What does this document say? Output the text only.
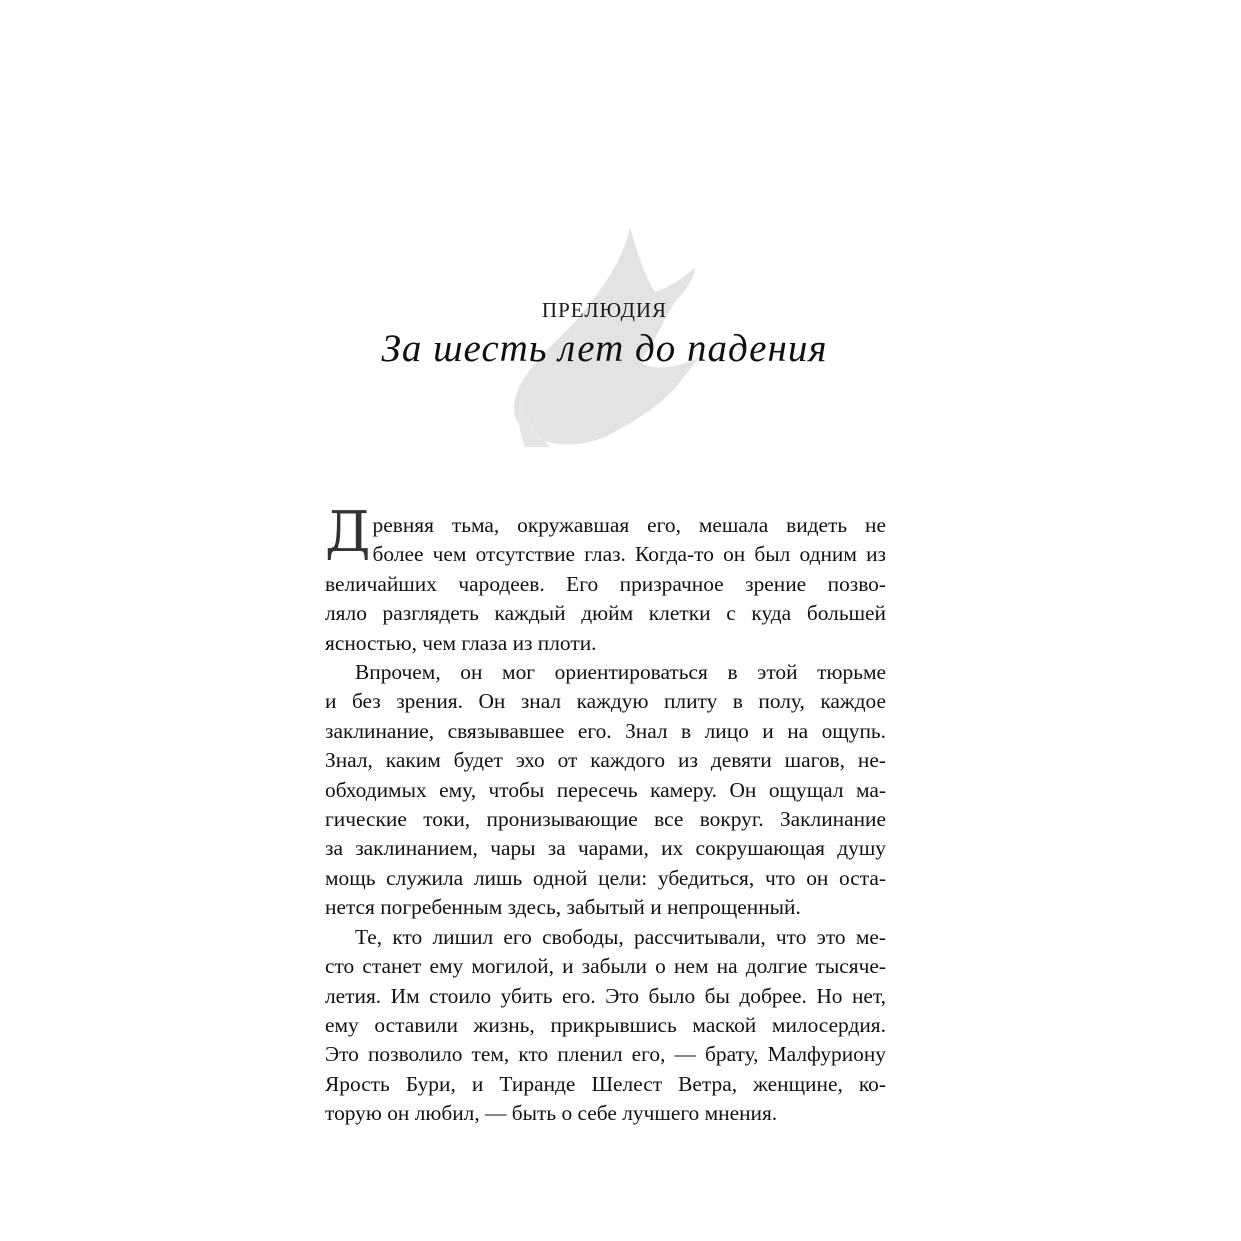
ПРЕЛЮДИЯ
За шесть лет до падения
Д ревняя тьма, окружавшая его, мешала видеть не
более чем отсутствие глаз. Когда-то он был одним из
величайших чародеев. Его призрачное зрение позво-
ляло разглядеть каждый дюйм клетки с куда большей
ясностью, чем глаза из плоти.
Впрочем, он мог ориентироваться в этой тюрьме
и без зрения. Он знал каждую плиту в полу, каждое
заклинание, связывавшее его. Знал в лицо и на ощупь.
Знал, каким будет эхо от каждого из девяти шагов, не-
обходимых ему, чтобы пересечь камеру. Он ощущал ма-
гические токи, пронизывающие все вокруг. Заклинание
за заклинанием, чары за чарами, их сокрушающая душу
мощь служила лишь одной цели: убедиться, что он оста-
нется погребенным здесь, забытый и непрощенный.
Те, кто лишил его свободы, рассчитывали, что это ме-
сто станет ему могилой, и забыли о нем на долгие тысяче-
летия. Им стоило убить его. Это было бы добрее. Но нет,
ему оставили жизнь, прикрывшись маской милосердия.
Это позволило тем, кто пленил его, — брату, Малфуриону
Ярость Бури, и Тиранде Шелест Ветра, женщине, ко-
торую он любил, — быть о себе лучшего мнения.
